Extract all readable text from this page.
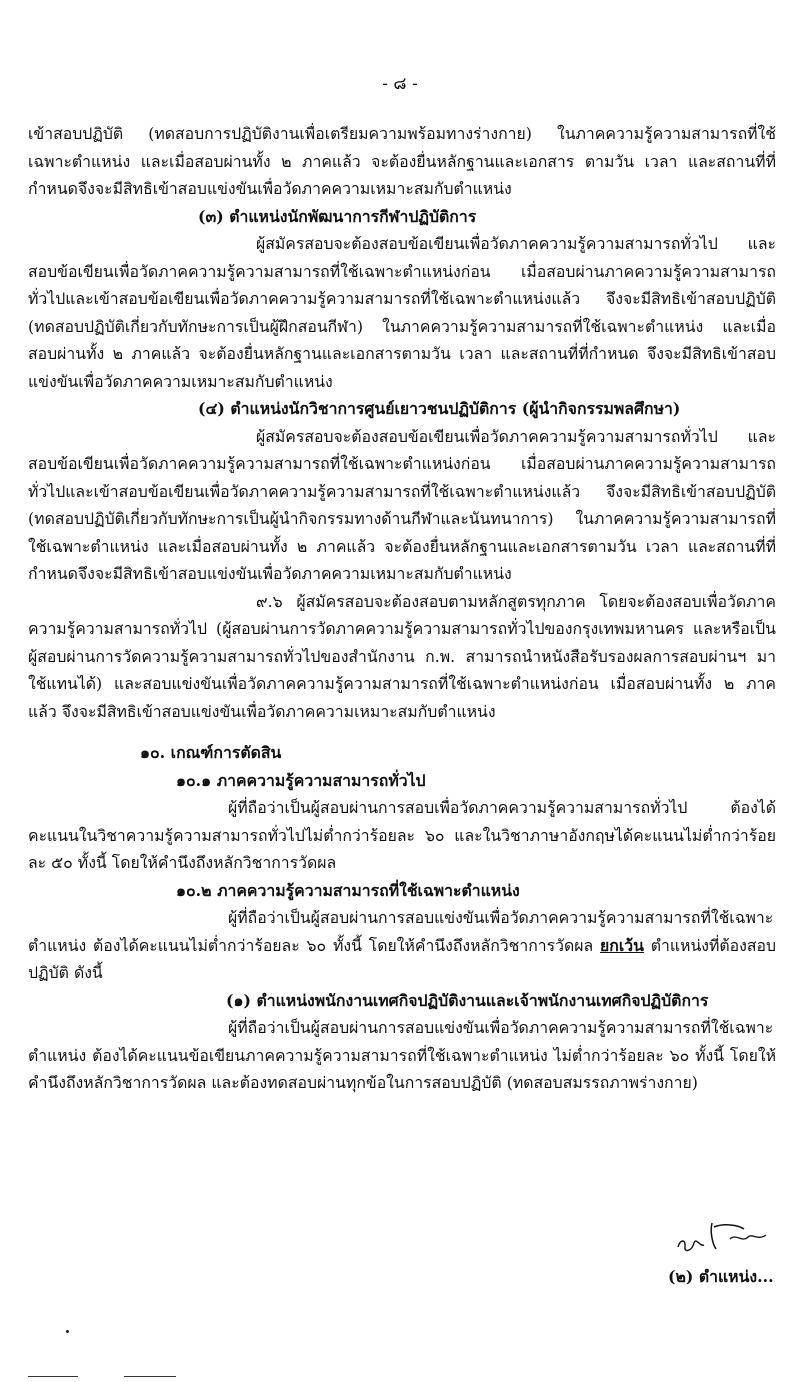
- ๘ -

เข้าสอบปฏิบัติ (ทดสอบการปฏิบัติงานเพื่อเตรียมความพร้อมทางร่างกาย) ในภาคความรู้ความสามารถที่ใช้เฉพาะตำแหน่ง และเมื่อสอบผ่านทั้ง ๒ ภาคแล้ว จะต้องยื่นหลักฐานและเอกสาร ตามวัน เวลา และสถานที่ที่กำหนดจึงจะมีสิทธิเข้าสอบแข่งขันเพื่อวัดภาคความเหมาะสมกับตำแหน่ง

(๓) ตำแหน่งนักพัฒนาการกีฬาปฏิบัติการ

ผู้สมัครสอบจะต้องสอบข้อเขียนเพื่อวัดภาคความรู้ความสามารถทั่วไป และสอบข้อเขียนเพื่อวัดภาคความรู้ความสามารถที่ใช้เฉพาะตำแหน่งก่อน เมื่อสอบผ่านภาคความรู้ความสามารถทั่วไปและเข้าสอบข้อเขียนเพื่อวัดภาคความรู้ความสามารถที่ใช้เฉพาะตำแหน่งแล้ว จึงจะมีสิทธิเข้าสอบปฏิบัติ (ทดสอบปฏิบัติเกี่ยวกับทักษะการเป็นผู้ฝึกสอนกีฬา) ในภาคความรู้ความสามารถที่ใช้เฉพาะตำแหน่ง และเมื่อสอบผ่านทั้ง ๒ ภาคแล้ว จะต้องยื่นหลักฐานและเอกสารตามวัน เวลา และสถานที่ที่กำหนด จึงจะมีสิทธิเข้าสอบแข่งขันเพื่อวัดภาคความเหมาะสมกับตำแหน่ง

(๔) ตำแหน่งนักวิชาการศูนย์เยาวชนปฏิบัติการ (ผู้นำกิจกรรมพลศึกษา)

ผู้สมัครสอบจะต้องสอบข้อเขียนเพื่อวัดภาคความรู้ความสามารถทั่วไป และสอบข้อเขียนเพื่อวัดภาคความรู้ความสามารถที่ใช้เฉพาะตำแหน่งก่อน เมื่อสอบผ่านภาคความรู้ความสามารถทั่วไปและเข้าสอบข้อเขียนเพื่อวัดภาคความรู้ความสามารถที่ใช้เฉพาะตำแหน่งแล้ว จึงจะมีสิทธิเข้าสอบปฏิบัติ (ทดสอบปฏิบัติเกี่ยวกับทักษะการเป็นผู้นำกิจกรรมทางด้านกีฬาและนันทนาการ) ในภาคความรู้ความสามารถที่ใช้เฉพาะตำแหน่ง และเมื่อสอบผ่านทั้ง ๒ ภาคแล้ว จะต้องยื่นหลักฐานและเอกสารตามวัน เวลา และสถานที่ที่กำหนดจึงจะมีสิทธิเข้าสอบแข่งขันเพื่อวัดภาคความเหมาะสมกับตำแหน่ง

๙.๖ ผู้สมัครสอบจะต้องสอบตามหลักสูตรทุกภาค โดยจะต้องสอบเพื่อวัดภาคความรู้ความสามารถทั่วไป (ผู้สอบผ่านการวัดภาคความรู้ความสามารถทั่วไปของกรุงเทพมหานคร และหรือเป็นผู้สอบผ่านการวัดความรู้ความสามารถทั่วไปของสำนักงาน ก.พ. สามารถนำหนังสือรับรองผลการสอบผ่านฯ มาใช้แทนได้) และสอบแข่งขันเพื่อวัดภาคความรู้ความสามารถที่ใช้เฉพาะตำแหน่งก่อน เมื่อสอบผ่านทั้ง ๒ ภาคแล้ว จึงจะมีสิทธิเข้าสอบแข่งขันเพื่อวัดภาคความเหมาะสมกับตำแหน่ง

๑๐. เกณฑ์การตัดสิน

๑๐.๑ ภาคความรู้ความสามารถทั่วไป

ผู้ที่ถือว่าเป็นผู้สอบผ่านการสอบเพื่อวัดภาคความรู้ความสามารถทั่วไป ต้องได้คะแนนในวิชาความรู้ความสามารถทั่วไปไม่ต่ำกว่าร้อยละ ๖๐ และในวิชาภาษาอังกฤษได้คะแนนไม่ต่ำกว่าร้อยละ ๕๐ ทั้งนี้ โดยให้คำนึงถึงหลักวิชาการวัดผล

๑๐.๒ ภาคความรู้ความสามารถที่ใช้เฉพาะตำแหน่ง

ผู้ที่ถือว่าเป็นผู้สอบผ่านการสอบแข่งขันเพื่อวัดภาคความรู้ความสามารถที่ใช้เฉพาะตำแหน่ง ต้องได้คะแนนไม่ต่ำกว่าร้อยละ ๖๐ ทั้งนี้ โดยให้คำนึงถึงหลักวิชาการวัดผล ยกเว้น ตำแหน่งที่ต้องสอบปฏิบัติ ดังนี้

(๑) ตำแหน่งพนักงานเทศกิจปฏิบัติงานและเจ้าพนักงานเทศกิจปฏิบัติการ

ผู้ที่ถือว่าเป็นผู้สอบผ่านการสอบแข่งขันเพื่อวัดภาคความรู้ความสามารถที่ใช้เฉพาะตำแหน่ง ต้องได้คะแนนข้อเขียนภาคความรู้ความสามารถที่ใช้เฉพาะตำแหน่ง ไม่ต่ำกว่าร้อยละ ๖๐ ทั้งนี้ โดยให้คำนึงถึงหลักวิชาการวัดผล และต้องทดสอบผ่านทุกข้อในการสอบปฏิบัติ (ทดสอบสมรรถภาพร่างกาย)

(๒) ตำแหน่ง...
